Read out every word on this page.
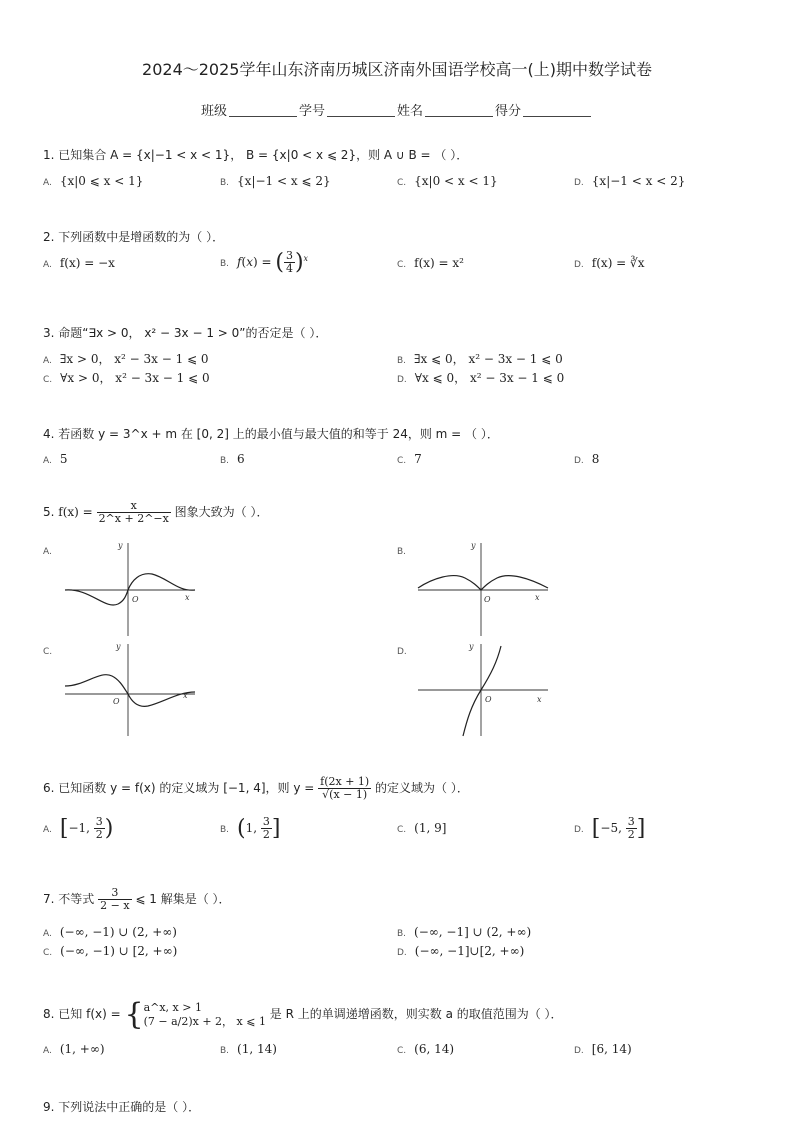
2024～2025学年山东济南历城区济南外国语学校高一(上)期中数学试卷
班级	学号	姓名	得分
1. 已知集合 A = {x|−1 < x < 1}， B = {x|0 < x ⩽ 2}，则 A ∪ B = （ ）．
A. {x|0 ⩽ x < 1}	B. {x|−1 < x ⩽ 2}	C. {x|0 < x < 1}	D. {x|−1 < x < 2}
2. 下列函数中是增函数的为（ ）．
A. f(x) = −x	B. f(x) = ( $\frac{3}{4} )^x$
C. f(x) = x²	D. f(x) = ∛x
3. 命题“∃x > 0， x² − 3x − 1 > 0”的否定是（ ）．
A. ∃x > 0， x² − 3x − 1 ⩽ 0	B. ∃x ⩽ 0， x² − 3x − 1 ⩽ 0
C. ∀x > 0， x² − 3x − 1 ⩽ 0	D. ∀x ⩽ 0， x² − 3x − 1 ⩽ 0
4. 若函数 y = 3^x + m 在 [0, 2] 上的最小值与最大值的和等于 24，则 m = （ ）．
A. 5	B. 6	C. 7	D. 8
5. $f(x) = \frac{x}{2\^{}x + 2\^{}-x}$ 图象大致为（ ）．
A.	B.
C.	D.
y
x
O
y
x
O
y
x
O
y
x
O
6. 已知函数 y = f(x) 的定义域为 [−1, 4]，则 $y = \frac{f(2x + 1)}{√(x - 1)}$ 的定义域为（ ）．
A. [−1, $\frac{3}{2}$ )	B. (1, $\frac{3}{2}$ ]	C. (1, 9]	D. [−5, $\frac{3}{2}$ ]
7. 不等式 $\frac{3}{2 - x}$ ⩽ 1 解集是（ ）．
A. (−∞, −1) ∪ (2, +∞)	B. (−∞, −1] ∪ (2, +∞)
C. (−∞, −1) ∪ [2, +∞)	D. (−∞, −1]∪[2, +∞)
8. 已知 f(x) = { a^x, x > 1
(7 − a/2)x + 2， x ⩽ 1 是 R 上的单调递增函数，则实数 a 的取值范围为（ ）．
A. (1, +∞)	B. (1, 14)	C. (6, 14)	D. [6, 14)
9. 下列说法中正确的是（ ）．
